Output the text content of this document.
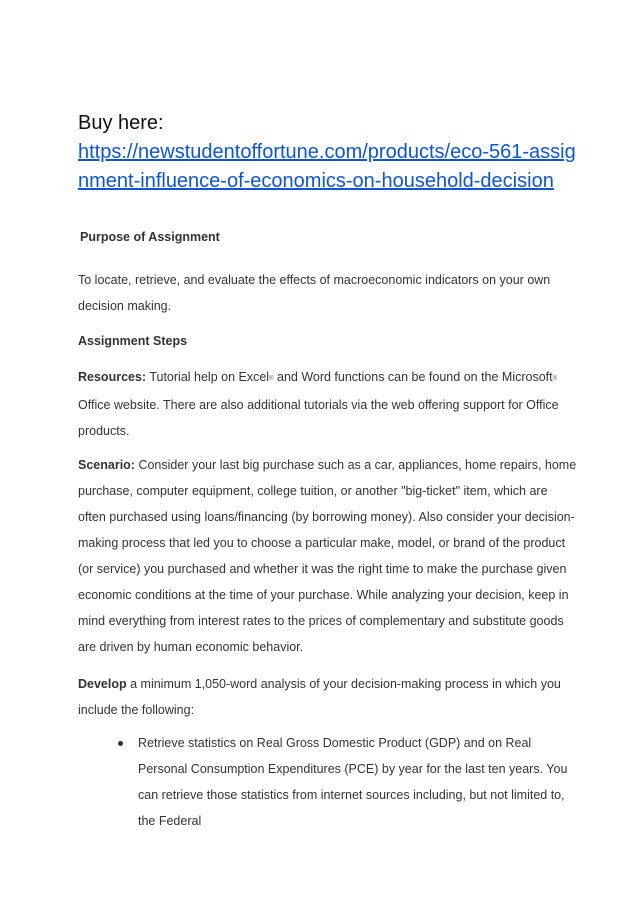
Buy here:
https://newstudentoffortune.com/products/eco-561-assig
nment-influence-of-economics-on-household-decision

Purpose of Assignment

To locate, retrieve, and evaluate the effects of macroeconomic indicators on your own decision making.

Assignment Steps

Resources: Tutorial help on Excel® and Word functions can be found on the Microsoft® Office website. There are also additional tutorials via the web offering support for Office products.

Scenario: Consider your last big purchase such as a car, appliances, home repairs, home purchase, computer equipment, college tuition, or another "big-ticket" item, which are often purchased using loans/financing (by borrowing money). Also consider your decision-making process that led you to choose a particular make, model, or brand of the product (or service) you purchased and whether it was the right time to make the purchase given economic conditions at the time of your purchase. While analyzing your decision, keep in mind everything from interest rates to the prices of complementary and substitute goods are driven by human economic behavior.

Develop a minimum 1,050-word analysis of your decision-making process in which you include the following:

Retrieve statistics on Real Gross Domestic Product (GDP) and on Real Personal Consumption Expenditures (PCE) by year for the last ten years. You can retrieve those statistics from internet sources including, but not limited to, the Federal
